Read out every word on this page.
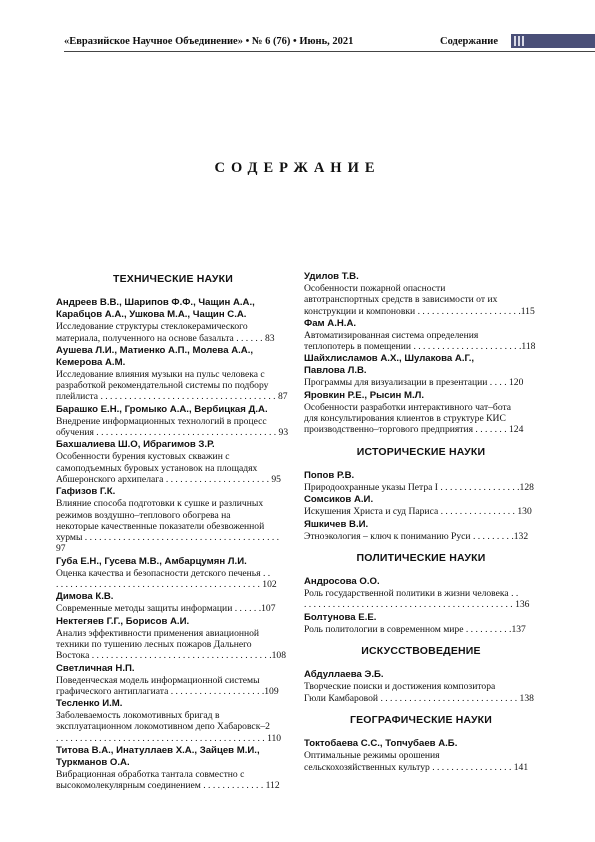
«Евразийское Научное Объединение» • № 6 (76) • Июнь, 2021	Содержание
СОДЕРЖАНИЕ
ТЕХНИЧЕСКИЕ НАУКИ
Андреев В.В., Шарипов Ф.Ф., Чащин А.А.,
Карабцов А.А., Ушкова М.А., Чащин С.А.
Исследование структуры стеклокерамического
материала, полученного на основе базальта . . . . . . 83
Аушева Л.И., Матиенко А.П., Молева А.А.,
Кемерова А.М.
Исследование влияния музыки на пульс человека с
разработкой рекомендательной системы по подбору
плейлиста . . . . . . . . . . . . . . . . . . . . . . . . . . . . . . . . . . . . . 87
Барашко Е.Н., Громыко А.А., Вербицкая Д.А.
Внедрение информационных технологий в процесс
обучения . . . . . . . . . . . . . . . . . . . . . . . . . . . . . . . . . . . . . . 93
Бахшалиева Ш.О, Ибрагимов З.Р.
Особенности бурения кустовых скважин с
самоподъемных буровых установок на площадях
Абшеронского архипелага . . . . . . . . . . . . . . . . . . . . . . 95
Гафизов Г.К.
Влияние способа подготовки к сушке и различных
режимов воздушно–теплового обогрева на
некоторые качественные показатели обезвоженной
хурмы . . . . . . . . . . . . . . . . . . . . . . . . . . . . . . . . . . . . . . . . . 97
Губа Е.Н., Гусева М.В., Амбарцумян Л.И.
Оценка качества и безопасности детского печенья . .
. . . . . . . . . . . . . . . . . . . . . . . . . . . . . . . . . . . . . . . . . . . 102
Димова К.В.
Современные методы защиты информации . . . . . .107
Нектегяев Г.Г., Борисов А.И.
Анализ эффективности применения авиационной
техники по тушению лесных пожаров Дальнего
Востока . . . . . . . . . . . . . . . . . . . . . . . . . . . . . . . . . . . . . .108
Светличная Н.П.
Поведенческая модель информационной системы
графического антиплагиата . . . . . . . . . . . . . . . . . . . .109
Тесленко И.М.
Заболеваемость локомотивных бригад в
эксплуатационном локомотивном депо Хабаровск–2
. . . . . . . . . . . . . . . . . . . . . . . . . . . . . . . . . . . . . . . . . . . . 110
Титова В.А., Инатуллаев Х.А., Зайцев М.И.,
Туркманов О.А.
Вибрационная обработка тантала совместно с
высокомолекулярным соединением . . . . . . . . . . . . . 112
Удилов Т.В.
Особенности пожарной опасности
автотранспортных средств в зависимости от их
конструкции и компоновки . . . . . . . . . . . . . . . . . . . . . .115
Фам А.Н.А.
Автоматизированная система определения
теплопотерь в помещении . . . . . . . . . . . . . . . . . . . . . . .118
Шайхлисламов А.Х., Шулакова А.Г.,
Павлова Л.В.
Программы для визуализации в презентации . . . . 120
Яровкин Р.Е., Рысин М.Л.
Особенности разработки интерактивного чат–бота
для консультирования клиентов в структуре КИС
производственно–торгового предприятия . . . . . . . 124
ИСТОРИЧЕСКИЕ НАУКИ
Попов Р.В.
Природоохранные указы Петра I . . . . . . . . . . . . . . . . .128
Сомсиков А.И.
Искушения Христа и суд Париса . . . . . . . . . . . . . . . . 130
Яшкичев В.И.
Этноэкология – ключ к пониманию Руси . . . . . . . . .132
ПОЛИТИЧЕСКИЕ НАУКИ
Андросова О.О.
Роль государственной политики в жизни человека . .
. . . . . . . . . . . . . . . . . . . . . . . . . . . . . . . . . . . . . . . . . . . . 136
Болтунова Е.Е.
Роль политологии в современном мире . . . . . . . . . .137
ИСКУССТВОВЕДЕНИЕ
Абдуллаева Э.Б.
Творческие поиски и достижения композитора
Гюли Камбаровой . . . . . . . . . . . . . . . . . . . . . . . . . . . . . 138
ГЕОГРАФИЧЕСКИЕ НАУКИ
Токтобаева С.С., Топчубаев А.Б.
Оптимальные режимы орошения
сельскохозяйственных культур . . . . . . . . . . . . . . . . . 141
